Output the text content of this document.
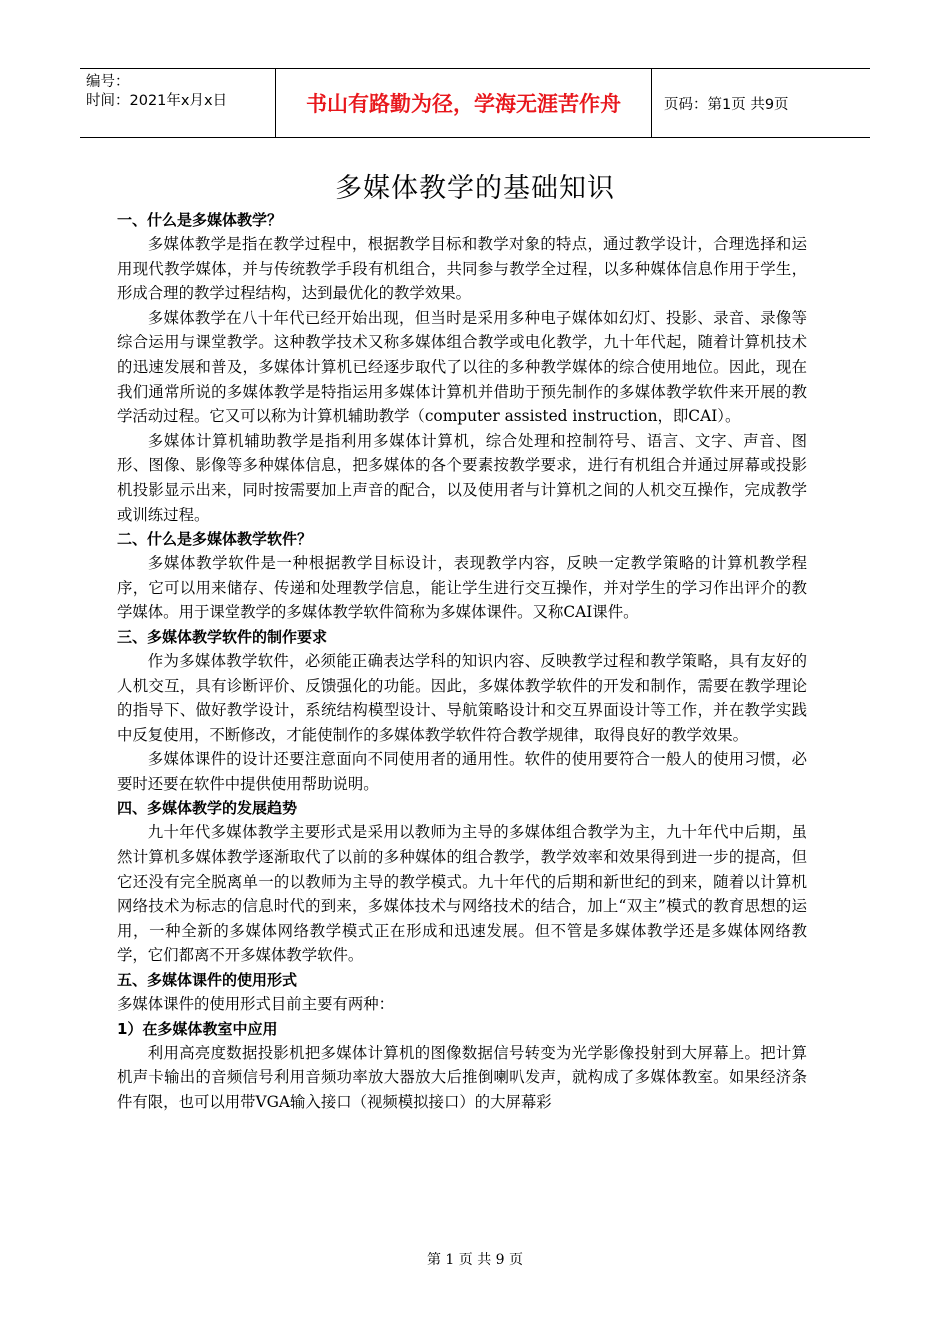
编号：
时间：2021年x月x日	书山有路勤为径，学海无涯苦作舟	页码：第1页 共9页
多媒体教学的基础知识
一、什么是多媒体教学？
多媒体教学是指在教学过程中，根据教学目标和教学对象的特点，通过教学设计，合理选择和运用现代教学媒体，并与传统教学手段有机组合，共同参与教学全过程，以多种媒体信息作用于学生，形成合理的教学过程结构，达到最优化的教学效果。
多媒体教学在八十年代已经开始出现，但当时是采用多种电子媒体如幻灯、投影、录音、录像等综合运用与课堂教学。这种教学技术又称多媒体组合教学或电化教学，九十年代起，随着计算机技术的迅速发展和普及，多媒体计算机已经逐步取代了以往的多种教学媒体的综合使用地位。因此，现在我们通常所说的多媒体教学是特指运用多媒体计算机并借助于预先制作的多媒体教学软件来开展的教学活动过程。它又可以称为计算机辅助教学（computer assisted instruction，即CAI）。
多媒体计算机辅助教学是指利用多媒体计算机，综合处理和控制符号、语言、文字、声音、图形、图像、影像等多种媒体信息，把多媒体的各个要素按教学要求，进行有机组合并通过屏幕或投影机投影显示出来，同时按需要加上声音的配合，以及使用者与计算机之间的人机交互操作，完成教学或训练过程。
二、什么是多媒体教学软件？
多媒体教学软件是一种根据教学目标设计，表现教学内容，反映一定教学策略的计算机教学程序，它可以用来储存、传递和处理教学信息，能让学生进行交互操作，并对学生的学习作出评介的教学媒体。用于课堂教学的多媒体教学软件简称为多媒体课件。又称CAI课件。
三、多媒体教学软件的制作要求
作为多媒体教学软件，必须能正确表达学科的知识内容、反映教学过程和教学策略，具有友好的人机交互，具有诊断评价、反馈强化的功能。因此，多媒体教学软件的开发和制作，需要在教学理论的指导下、做好教学设计，系统结构模型设计、导航策略设计和交互界面设计等工作，并在教学实践中反复使用，不断修改，才能使制作的多媒体教学软件符合教学规律，取得良好的教学效果。
多媒体课件的设计还要注意面向不同使用者的通用性。软件的使用要符合一般人的使用习惯，必要时还要在软件中提供使用帮助说明。
四、多媒体教学的发展趋势
九十年代多媒体教学主要形式是采用以教师为主导的多媒体组合教学为主，九十年代中后期，虽然计算机多媒体教学逐渐取代了以前的多种媒体的组合教学，教学效率和效果得到进一步的提高，但它还没有完全脱离单一的以教师为主导的教学模式。九十年代的后期和新世纪的到来，随着以计算机网络技术为标志的信息时代的到来，多媒体技术与网络技术的结合，加上“双主”模式的教育思想的运用，一种全新的多媒体网络教学模式正在形成和迅速发展。但不管是多媒体教学还是多媒体网络教学，它们都离不开多媒体教学软件。
五、多媒体课件的使用形式
多媒体课件的使用形式目前主要有两种：
1）在多媒体教室中应用
利用高亮度数据投影机把多媒体计算机的图像数据信号转变为光学影像投射到大屏幕上。把计算机声卡输出的音频信号利用音频功率放大器放大后推倒喇叭发声，就构成了多媒体教室。如果经济条件有限，也可以用带VGA输入接口（视频模拟接口）的大屏幕彩
第 1 页 共 9 页
